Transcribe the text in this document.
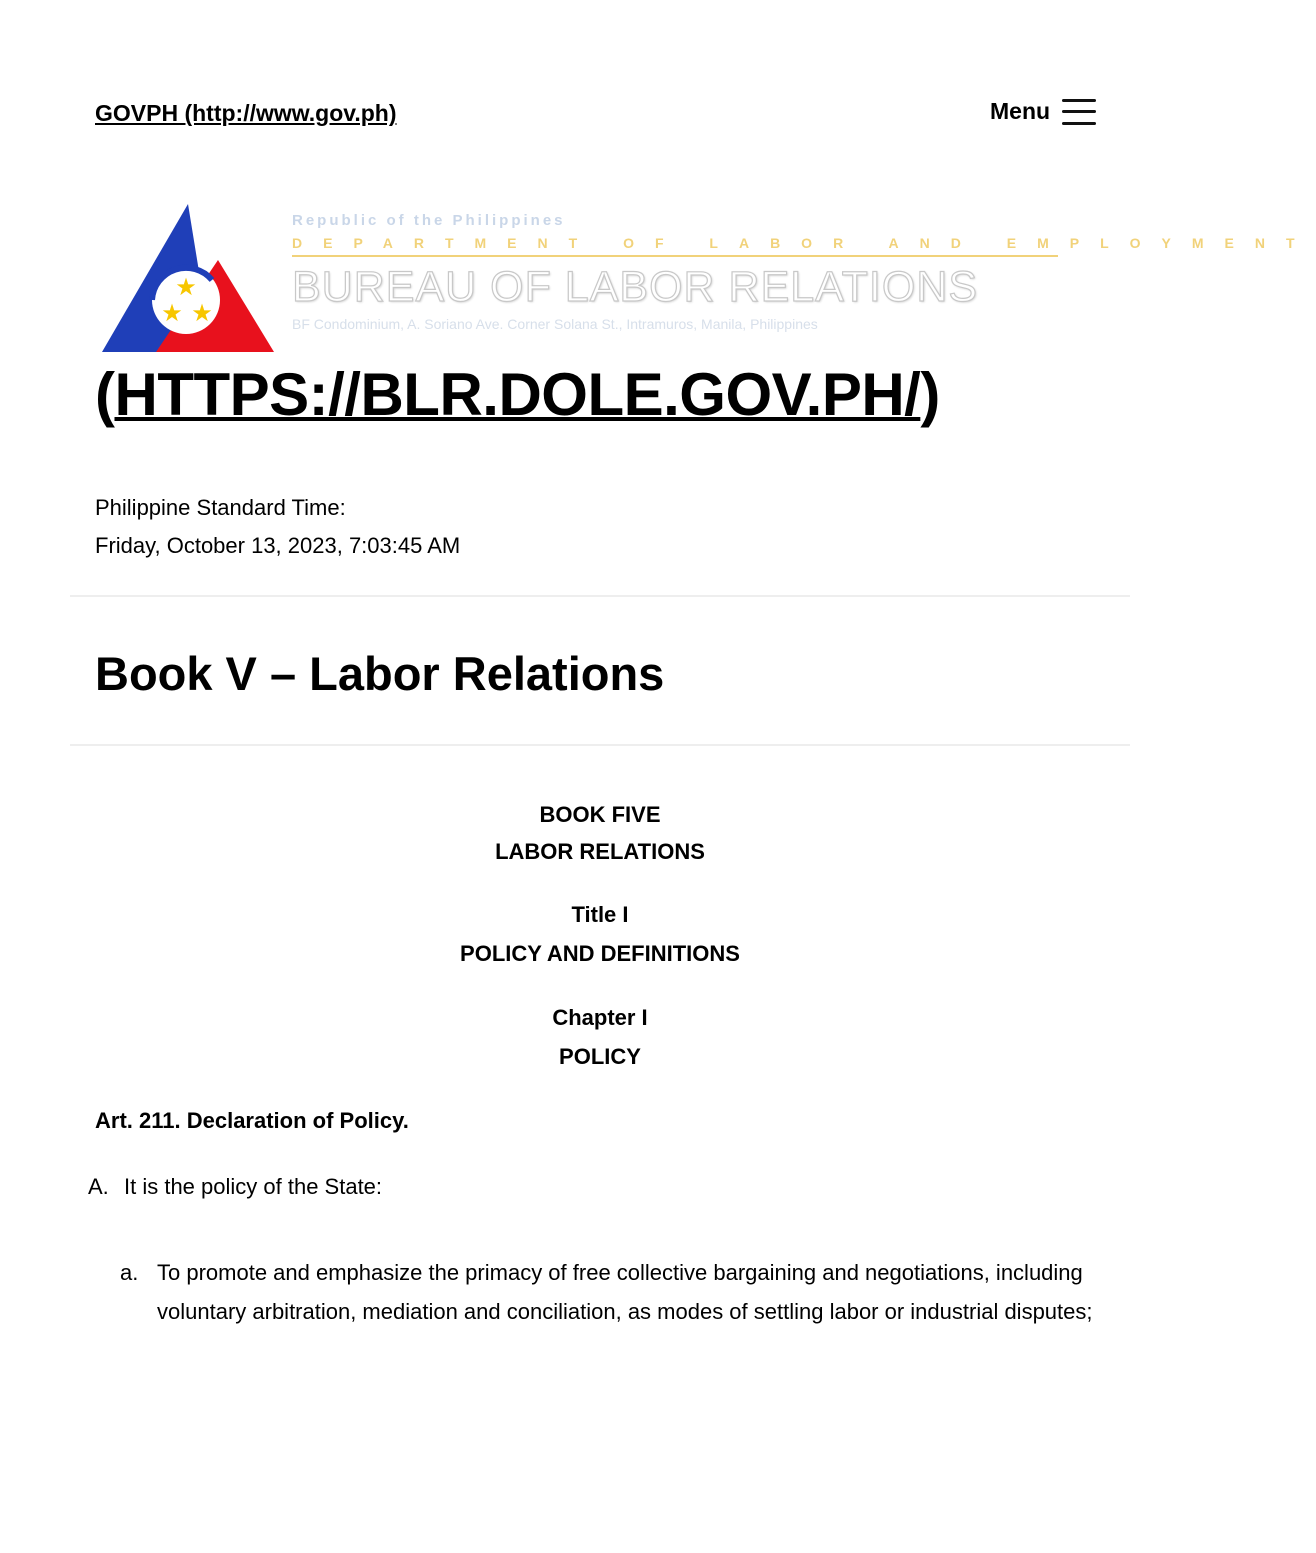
GOVPH (http://www.gov.ph)	Menu
★
★ ★
Republic of the Philippines
DEPARTMENT OF LABOR AND EMPLOYMENT
BUREAU OF LABOR RELATIONS
BF Condominium, A. Soriano Ave. Corner Solana St., Intramuros, Manila, Philippines
(HTTPS://BLR.DOLE.GOV.PH/)
Philippine Standard Time:
Friday, October 13, 2023, 7:03:45 AM
Book V – Labor Relations
BOOK FIVE
LABOR RELATIONS
Title I
POLICY AND DEFINITIONS
Chapter I
POLICY
Art. 211. Declaration of Policy.
A. It is the policy of the State:
a. To promote and emphasize the primacy of free collective bargaining and negotiations, including voluntary arbitration, mediation and conciliation, as modes of settling labor or industrial disputes;
